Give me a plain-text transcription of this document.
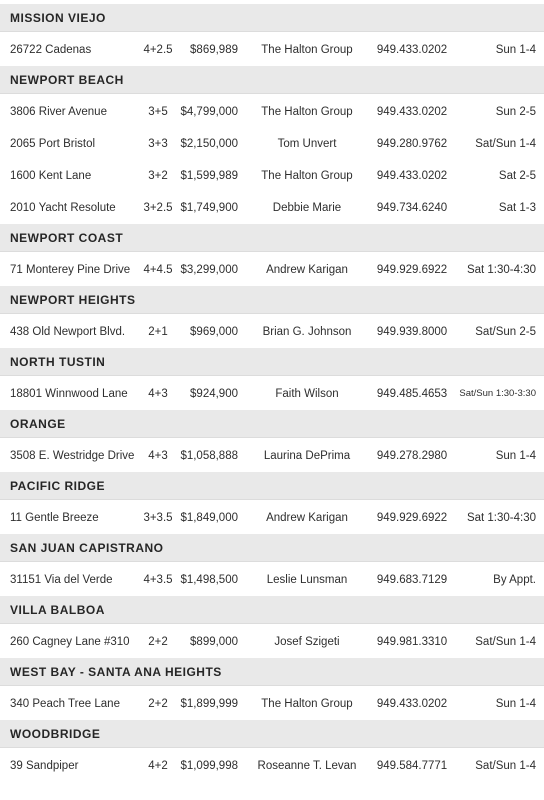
MISSION VIEJO
26722 Cadenas	4+2.5	$869,989	The Halton Group	949.433.0202	Sun 1-4
NEWPORT BEACH
3806 River Avenue	3+5	$4,799,000	The Halton Group	949.433.0202	Sun 2-5
2065 Port Bristol	3+3	$2,150,000	Tom Unvert	949.280.9762	Sat/Sun 1-4
1600 Kent Lane	3+2	$1,599,989	The Halton Group	949.433.0202	Sat 2-5
2010 Yacht Resolute	3+2.5 $1,749,900	Debbie Marie	949.734.6240	Sat 1-3
NEWPORT COAST
71 Monterey Pine Drive	4+4.5 $3,299,000	Andrew Karigan	949.929.6922	Sat 1:30-4:30
NEWPORT HEIGHTS
438 Old Newport Blvd.	2+1	$969,000	Brian G. Johnson	949.939.8000	Sat/Sun 2-5
NORTH TUSTIN
18801 Winnwood Lane	4+3	$924,900	Faith Wilson	949.485.4653	Sat/Sun 1:30-3:30
ORANGE
3508 E. Westridge Drive	4+3	$1,058,888	Laurina DePrima	949.278.2980	Sun 1-4
PACIFIC RIDGE
11 Gentle Breeze	3+3.5 $1,849,000	Andrew Karigan	949.929.6922	Sat 1:30-4:30
SAN JUAN CAPISTRANO
31151 Via del Verde	4+3.5 $1,498,500	Leslie Lunsman	949.683.7129	By Appt.
VILLA BALBOA
260 Cagney Lane #310	2+2	$899,000	Josef Szigeti	949.981.3310	Sat/Sun 1-4
WEST BAY - SANTA ANA HEIGHTS
340 Peach Tree Lane	2+2	$1,899,999	The Halton Group	949.433.0202	Sun 1-4
WOODBRIDGE
39 Sandpiper	4+2	$1,099,998	Roseanne T. Levan	949.584.7771	Sat/Sun 1-4
